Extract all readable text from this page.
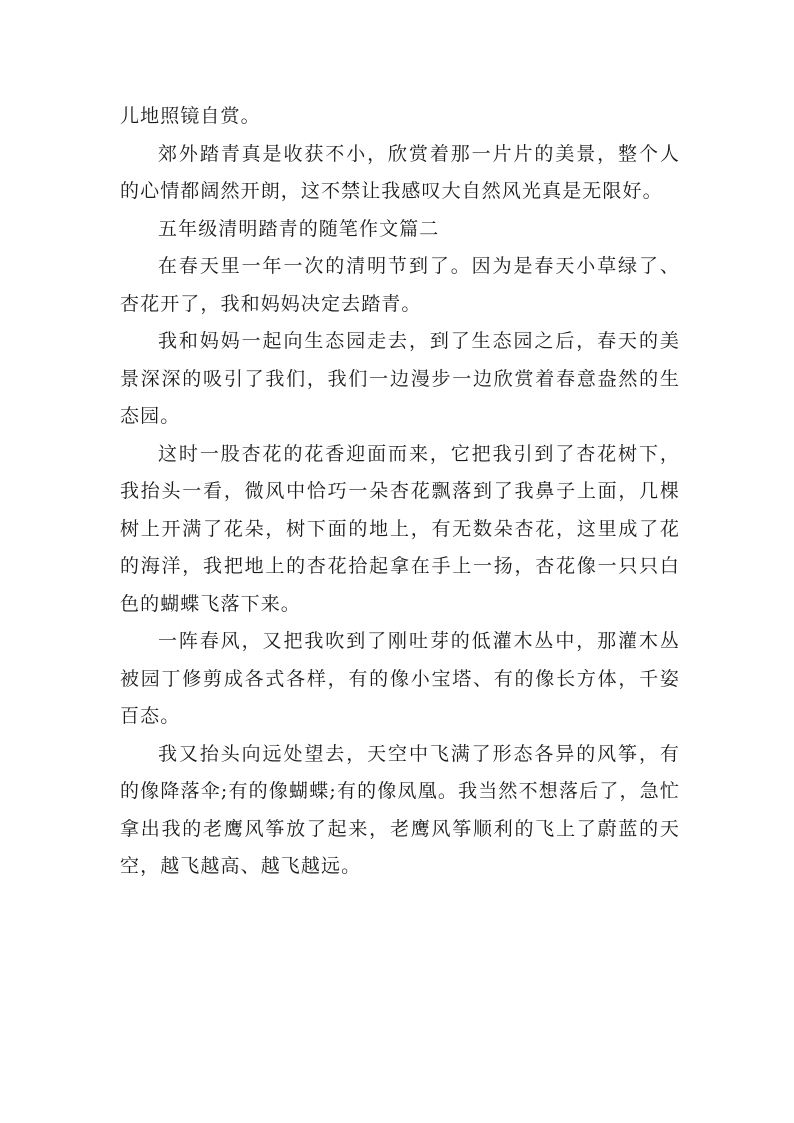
儿地照镜自赏。

郊外踏青真是收获不小，欣赏着那一片片的美景，整个人的心情都阔然开朗，这不禁让我感叹大自然风光真是无限好。

五年级清明踏青的随笔作文篇二

在春天里一年一次的清明节到了。因为是春天小草绿了、杏花开了，我和妈妈决定去踏青。

我和妈妈一起向生态园走去，到了生态园之后，春天的美景深深的吸引了我们，我们一边漫步一边欣赏着春意盎然的生态园。

这时一股杏花的花香迎面而来，它把我引到了杏花树下，我抬头一看，微风中恰巧一朵杏花飘落到了我鼻子上面，几棵树上开满了花朵，树下面的地上，有无数朵杏花，这里成了花的海洋，我把地上的杏花拾起拿在手上一扬，杏花像一只只白色的蝴蝶飞落下来。

一阵春风，又把我吹到了刚吐芽的低灌木丛中，那灌木丛被园丁修剪成各式各样，有的像小宝塔、有的像长方体，千姿百态。

我又抬头向远处望去，天空中飞满了形态各异的风筝，有的像降落伞;有的像蝴蝶;有的像凤凰。我当然不想落后了，急忙拿出我的老鹰风筝放了起来，老鹰风筝顺利的飞上了蔚蓝的天空，越飞越高、越飞越远。
